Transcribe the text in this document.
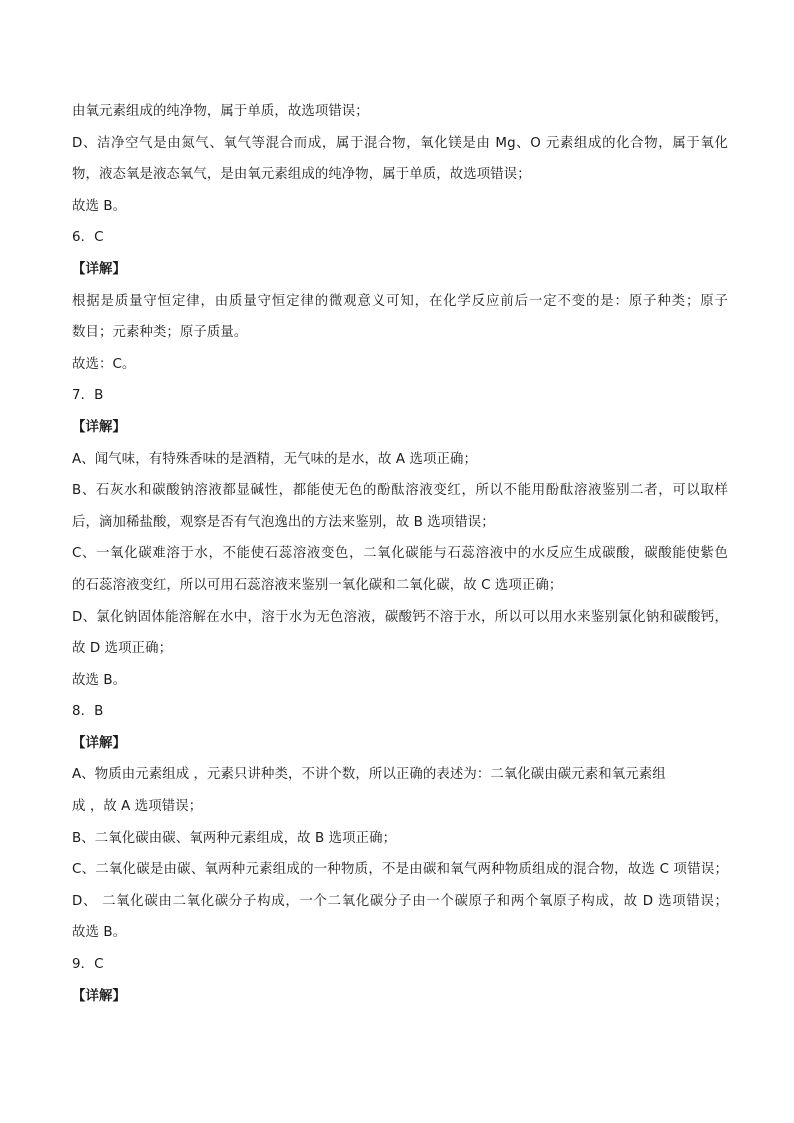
由氧元素组成的纯净物，属于单质，故选项错误；
D、洁净空气是由氮气、氧气等混合而成，属于混合物，氧化镁是由 Mg、O 元素组成的化合物，属于氧化
物，液态氧是液态氧气，是由氧元素组成的纯净物，属于单质，故选项错误；
故选 B。
6．C
【详解】
根据是质量守恒定律，由质量守恒定律的微观意义可知，在化学反应前后一定不变的是：原子种类；原子
数目；元素种类；原子质量。
故选：C。
7．B
【详解】
A、闻气味，有特殊香味的是酒精，无气味的是水，故 A 选项正确；
B、石灰水和碳酸钠溶液都显碱性，都能使无色的酚酞溶液变红，所以不能用酚酞溶液鉴别二者，可以取样
后，滴加稀盐酸，观察是否有气泡逸出的方法来鉴别，故 B 选项错误；
C、一氧化碳难溶于水，不能使石蕊溶液变色，二氧化碳能与石蕊溶液中的水反应生成碳酸，碳酸能使紫色
的石蕊溶液变红，所以可用石蕊溶液来鉴别一氧化碳和二氧化碳，故 C 选项正确；
D、氯化钠固体能溶解在水中，溶于水为无色溶液，碳酸钙不溶于水，所以可以用水来鉴别氯化钠和碳酸钙，
故 D 选项正确；
故选 B。
8．B
【详解】
A、物质由元素组成 ，元素只讲种类，不讲个数，所以正确的表述为：二氧化碳由碳元素和氧元素组
成 ，故 A 选项错误；
B、二氧化碳由碳、氧两种元素组成，故 B 选项正确；
C、二氧化碳是由碳、氧两种元素组成的一种物质，不是由碳和氧气两种物质组成的混合物，故选 C 项错误；
D、 二氧化碳由二氧化碳分子构成，一个二氧化碳分子由一个碳原子和两个氧原子构成，故 D 选项错误；
故选 B。
9．C
【详解】
